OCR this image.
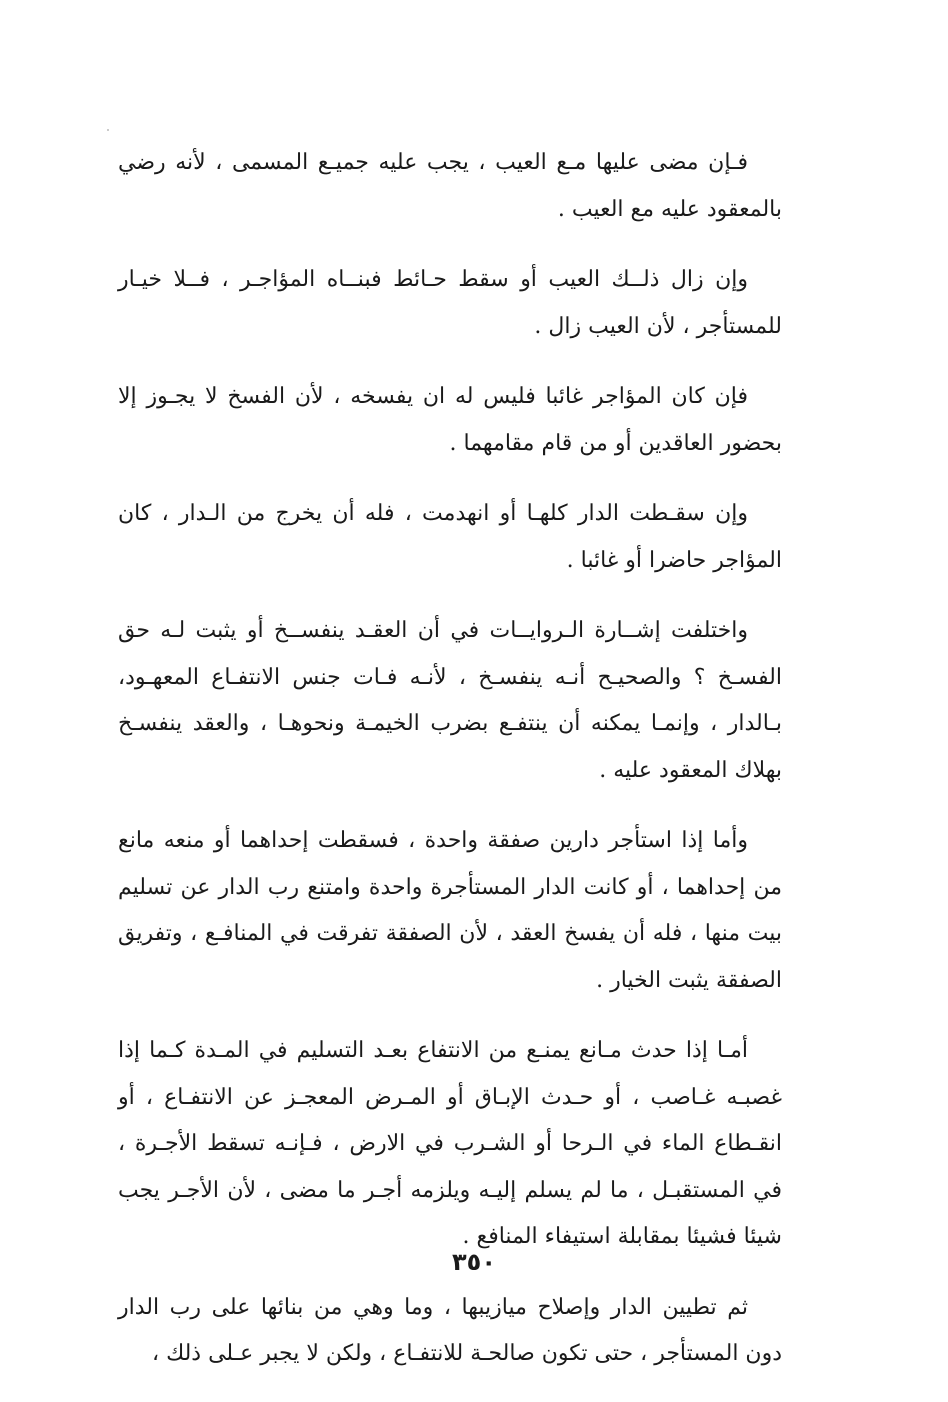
فـإن مضى عليها مـع العيب ، يجب عليه جميـع المسمى ، لأنه رضي بالمعقود عليه مع العيب .

وإن زال ذلــك العيب أو سقط حـائط فبنــاه المؤاجـر ، فــلا خيـار للمستأجر ، لأن العيب زال .

فإن كان المؤاجر غائبا فليس له ان يفسخه ، لأن الفسخ لا يجـوز إلا بحضور العاقدين أو من قام مقامهما .

وإن سقـطت الدار كلهـا أو انهدمت ، فله أن يخرج من الـدار ، كان المؤاجر حاضرا أو غائبا .

واختلفت إشــارة الـروايــات في أن العقـد ينفســخ أو يثبت لـه حق الفسـخ ؟ والصحيـح أنـه ينفسـخ ، لأنـه فـات جنس الانتفـاع المعهـود، بـالدار ، وإنمـا يمكنه أن ينتفـع بضرب الخيمـة ونحوهـا ، والعقد ينفسـخ بهلاك المعقود عليه .

وأما إذا استأجر دارين صفقة واحدة ، فسقطت إحداهما أو منعه مانع من إحداهما ، أو كانت الدار المستأجرة واحدة وامتنع رب الدار عن تسليم بيت منها ، فله أن يفسخ العقد ، لأن الصفقة تفرقت في المنافـع ، وتفريق الصفقة يثبت الخيار .

أمـا إذا حدث مـانع يمنـع من الانتفاع بعـد التسليم في المـدة كـما إذا غصبـه غـاصب ، أو حـدث الإبـاق أو المـرض المعجـز عن الانتفـاع ، أو انقـطاع الماء في الـرحا أو الشـرب في الارض ، فـإنـه تسقط الأجـرة ، في المستقبـل ، ما لم يسلم إليـه ويلزمه أجـر ما مضى ، لأن الأجـر يجب شيئا فشيئا بمقابلة استيفاء المنافع .

ثم تطيين الدار وإصلاح ميازيبها ، وما وهي من بنائها على رب الدار دون المستأجر ، حتى تكون صالحـة للانتفـاع ، ولكن لا يجبر عـلى ذلك ،

٣٥٠
